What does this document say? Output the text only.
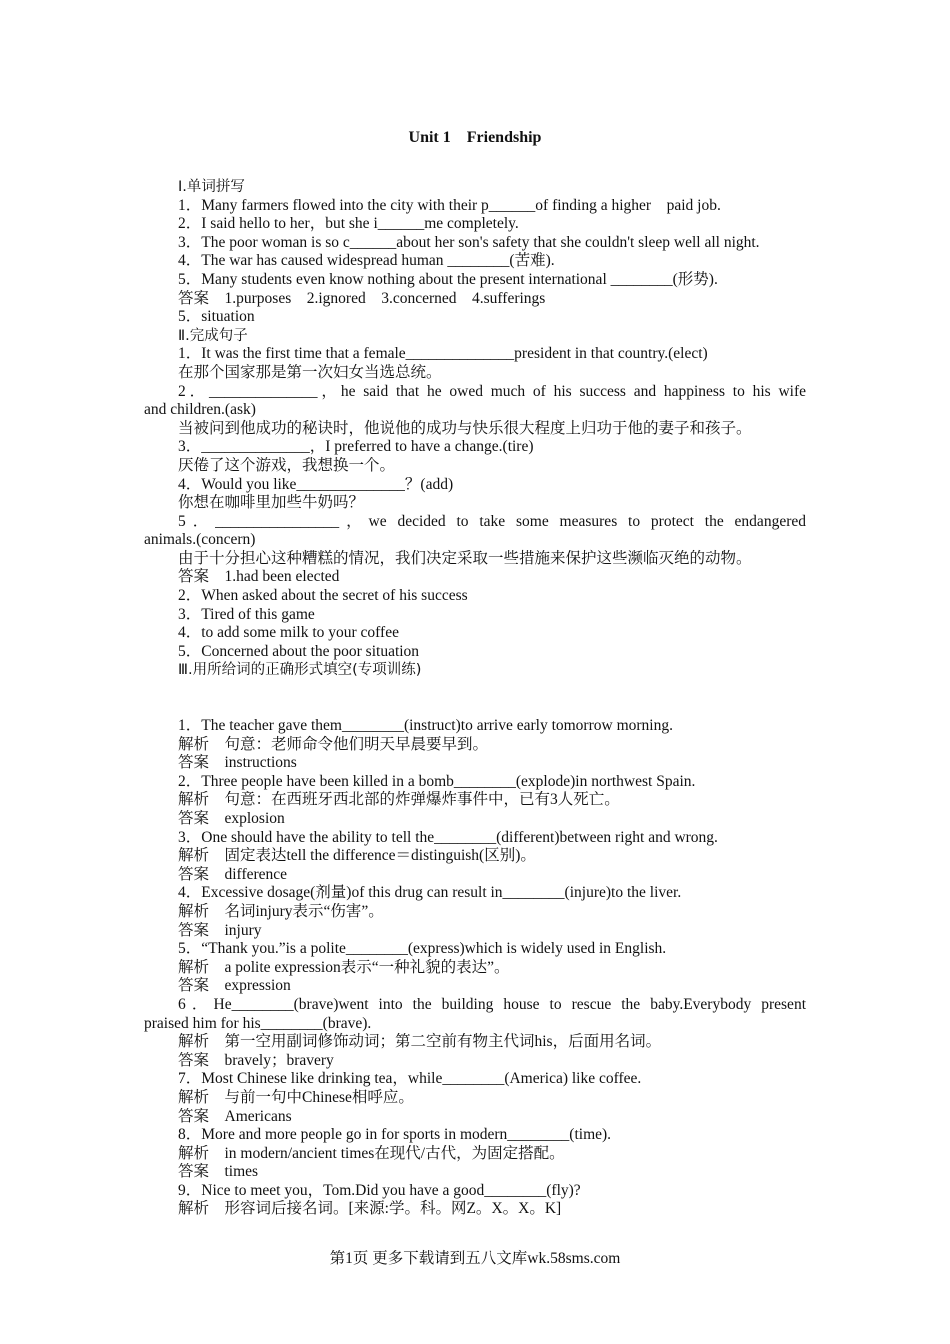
Unit 1　Friendship
Ⅰ.单词拼写
1．Many farmers flowed into the city with their p______of finding a higher　paid job.
2．I said hello to her，but she i______me completely.
3．The poor woman is so c______about her son's safety that she couldn't sleep well all night.
4．The war has caused widespread human ________(苦难).
5．Many students even know nothing about the present international ________(形势).
答案　1.purposes　2.ignored　3.concerned　4.sufferings
5．situation
Ⅱ.完成句子
1．It was the first time that a female______________president in that country.(elect)
在那个国家那是第一次妇女当选总统。
2．______________，he said that he owed much of his success and happiness to his wife
and children.(ask)
当被问到他成功的秘诀时，他说他的成功与快乐很大程度上归功于他的妻子和孩子。
3．______________，I preferred to have a change.(tire)
厌倦了这个游戏，我想换一个。
4．Would you like______________？(add)
你想在咖啡里加些牛奶吗？
5．________________，we decided to take some measures to protect the endangered
animals.(concern)
由于十分担心这种糟糕的情况，我们决定采取一些措施来保护这些濒临灭绝的动物。
答案　1.had been elected
2．When asked about the secret of his success
3．Tired of this game
4．to add some milk to your coffee
5．Concerned about the poor situation
Ⅲ.用所给词的正确形式填空(专项训练)
1．The teacher gave them________(instruct)to arrive early tomorrow morning.
解析　句意：老师命令他们明天早晨要早到。
答案　instructions
2．Three people have been killed in a bomb________(explode)in northwest Spain.
解析　句意：在西班牙西北部的炸弹爆炸事件中，已有3人死亡。
答案　explosion
3．One should have the ability to tell the________(different)between right and wrong.
解析　固定表达tell the difference＝distinguish(区别)。
答案　difference
4．Excessive dosage(剂量)of this drug can result in________(injure)to the liver.
解析　名词injury表示“伤害”。
答案　injury
5．“Thank you.”is a polite________(express)which is widely used in English.
解析　a polite expression表示“一种礼貌的表达”。
答案　expression
6．He________(brave)went into the building house to rescue the baby.Everybody present
praised him for his________(brave).
解析　第一空用副词修饰动词；第二空前有物主代词his，后面用名词。
答案　bravely；bravery
7．Most Chinese like drinking tea，while________(America) like coffee.
解析　与前一句中Chinese相呼应。
答案　Americans
8．More and more people go in for sports in modern________(time).
解析　in modern/ancient times在现代/古代，为固定搭配。
答案　times
9．Nice to meet you，Tom.Did you have a good________(fly)?
解析　形容词后接名词。[来源:学。科。网Z。X。X。K]
第1页 更多下载请到五八文库wk.58sms.com
